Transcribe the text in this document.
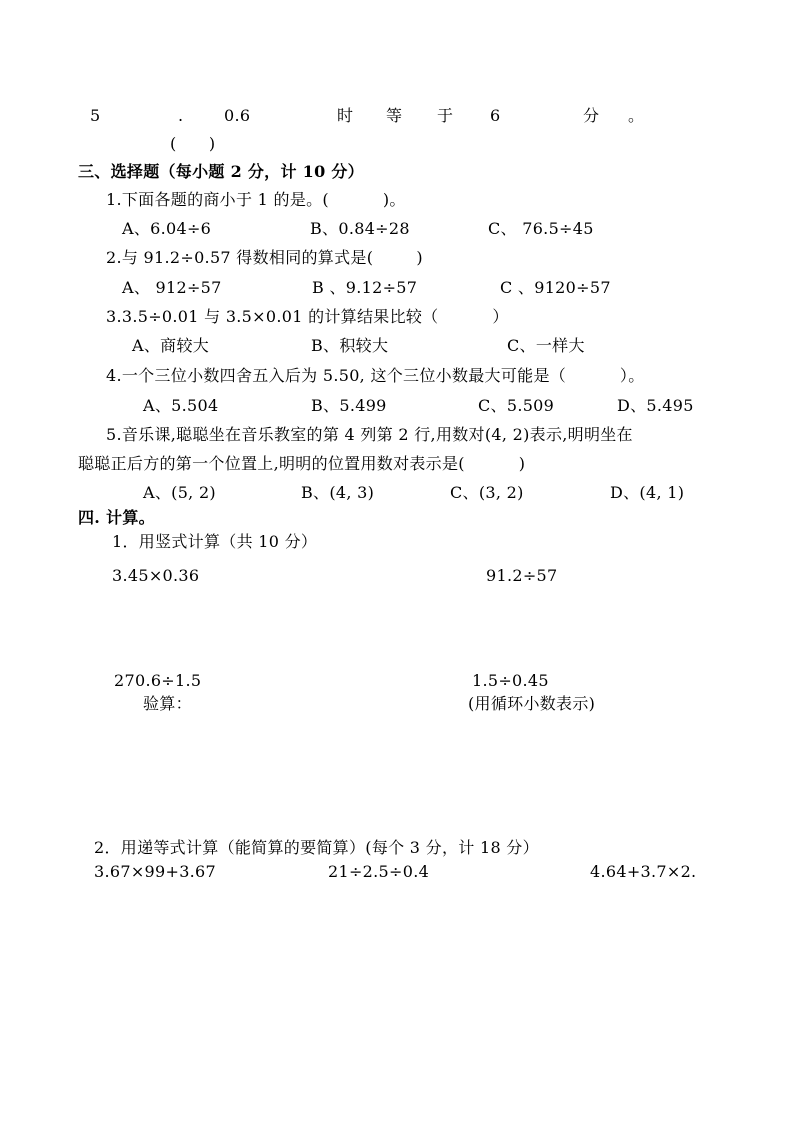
5	.	0.6	时 等 于 6	分 。
(      )
三、选择题（每小题 2 分，计 10 分）
1.下面各题的商小于 1 的是。(          )。
A、6.04÷6	B、0.84÷28	C、 76.5÷45
2.与 91.2÷0.57 得数相同的算式是(        )
A、 912÷57	B 、9.12÷57	C 、9120÷57
3.3.5÷0.01 与 3.5×0.01 的计算结果比较（          ）
A、商较大	B、积较大	C、一样大
4.一个三位小数四舍五入后为 5.50, 这个三位小数最大可能是（          ）。
A、5.504	B、5.499	C、5.509	D、5.495
5.音乐课,聪聪坐在音乐教室的第 4 列第 2 行,用数对(4, 2)表示,明明坐在
聪聪正后方的第一个位置上,明明的位置用数对表示是(          )
A、(5, 2)	B、(4, 3)	C、(3, 2)	D、(4, 1)
四. 计算。
1．用竖式计算（共 10 分）
3.45×0.36	91.2÷57
270.6÷1.5	1.5÷0.45
验算：	(用循环小数表示)
2．用递等式计算（能简算的要简算）(每个 3 分，计 18 分）
3.67×99+3.67	21÷2.5÷0.4	4.64+3.7×2.
